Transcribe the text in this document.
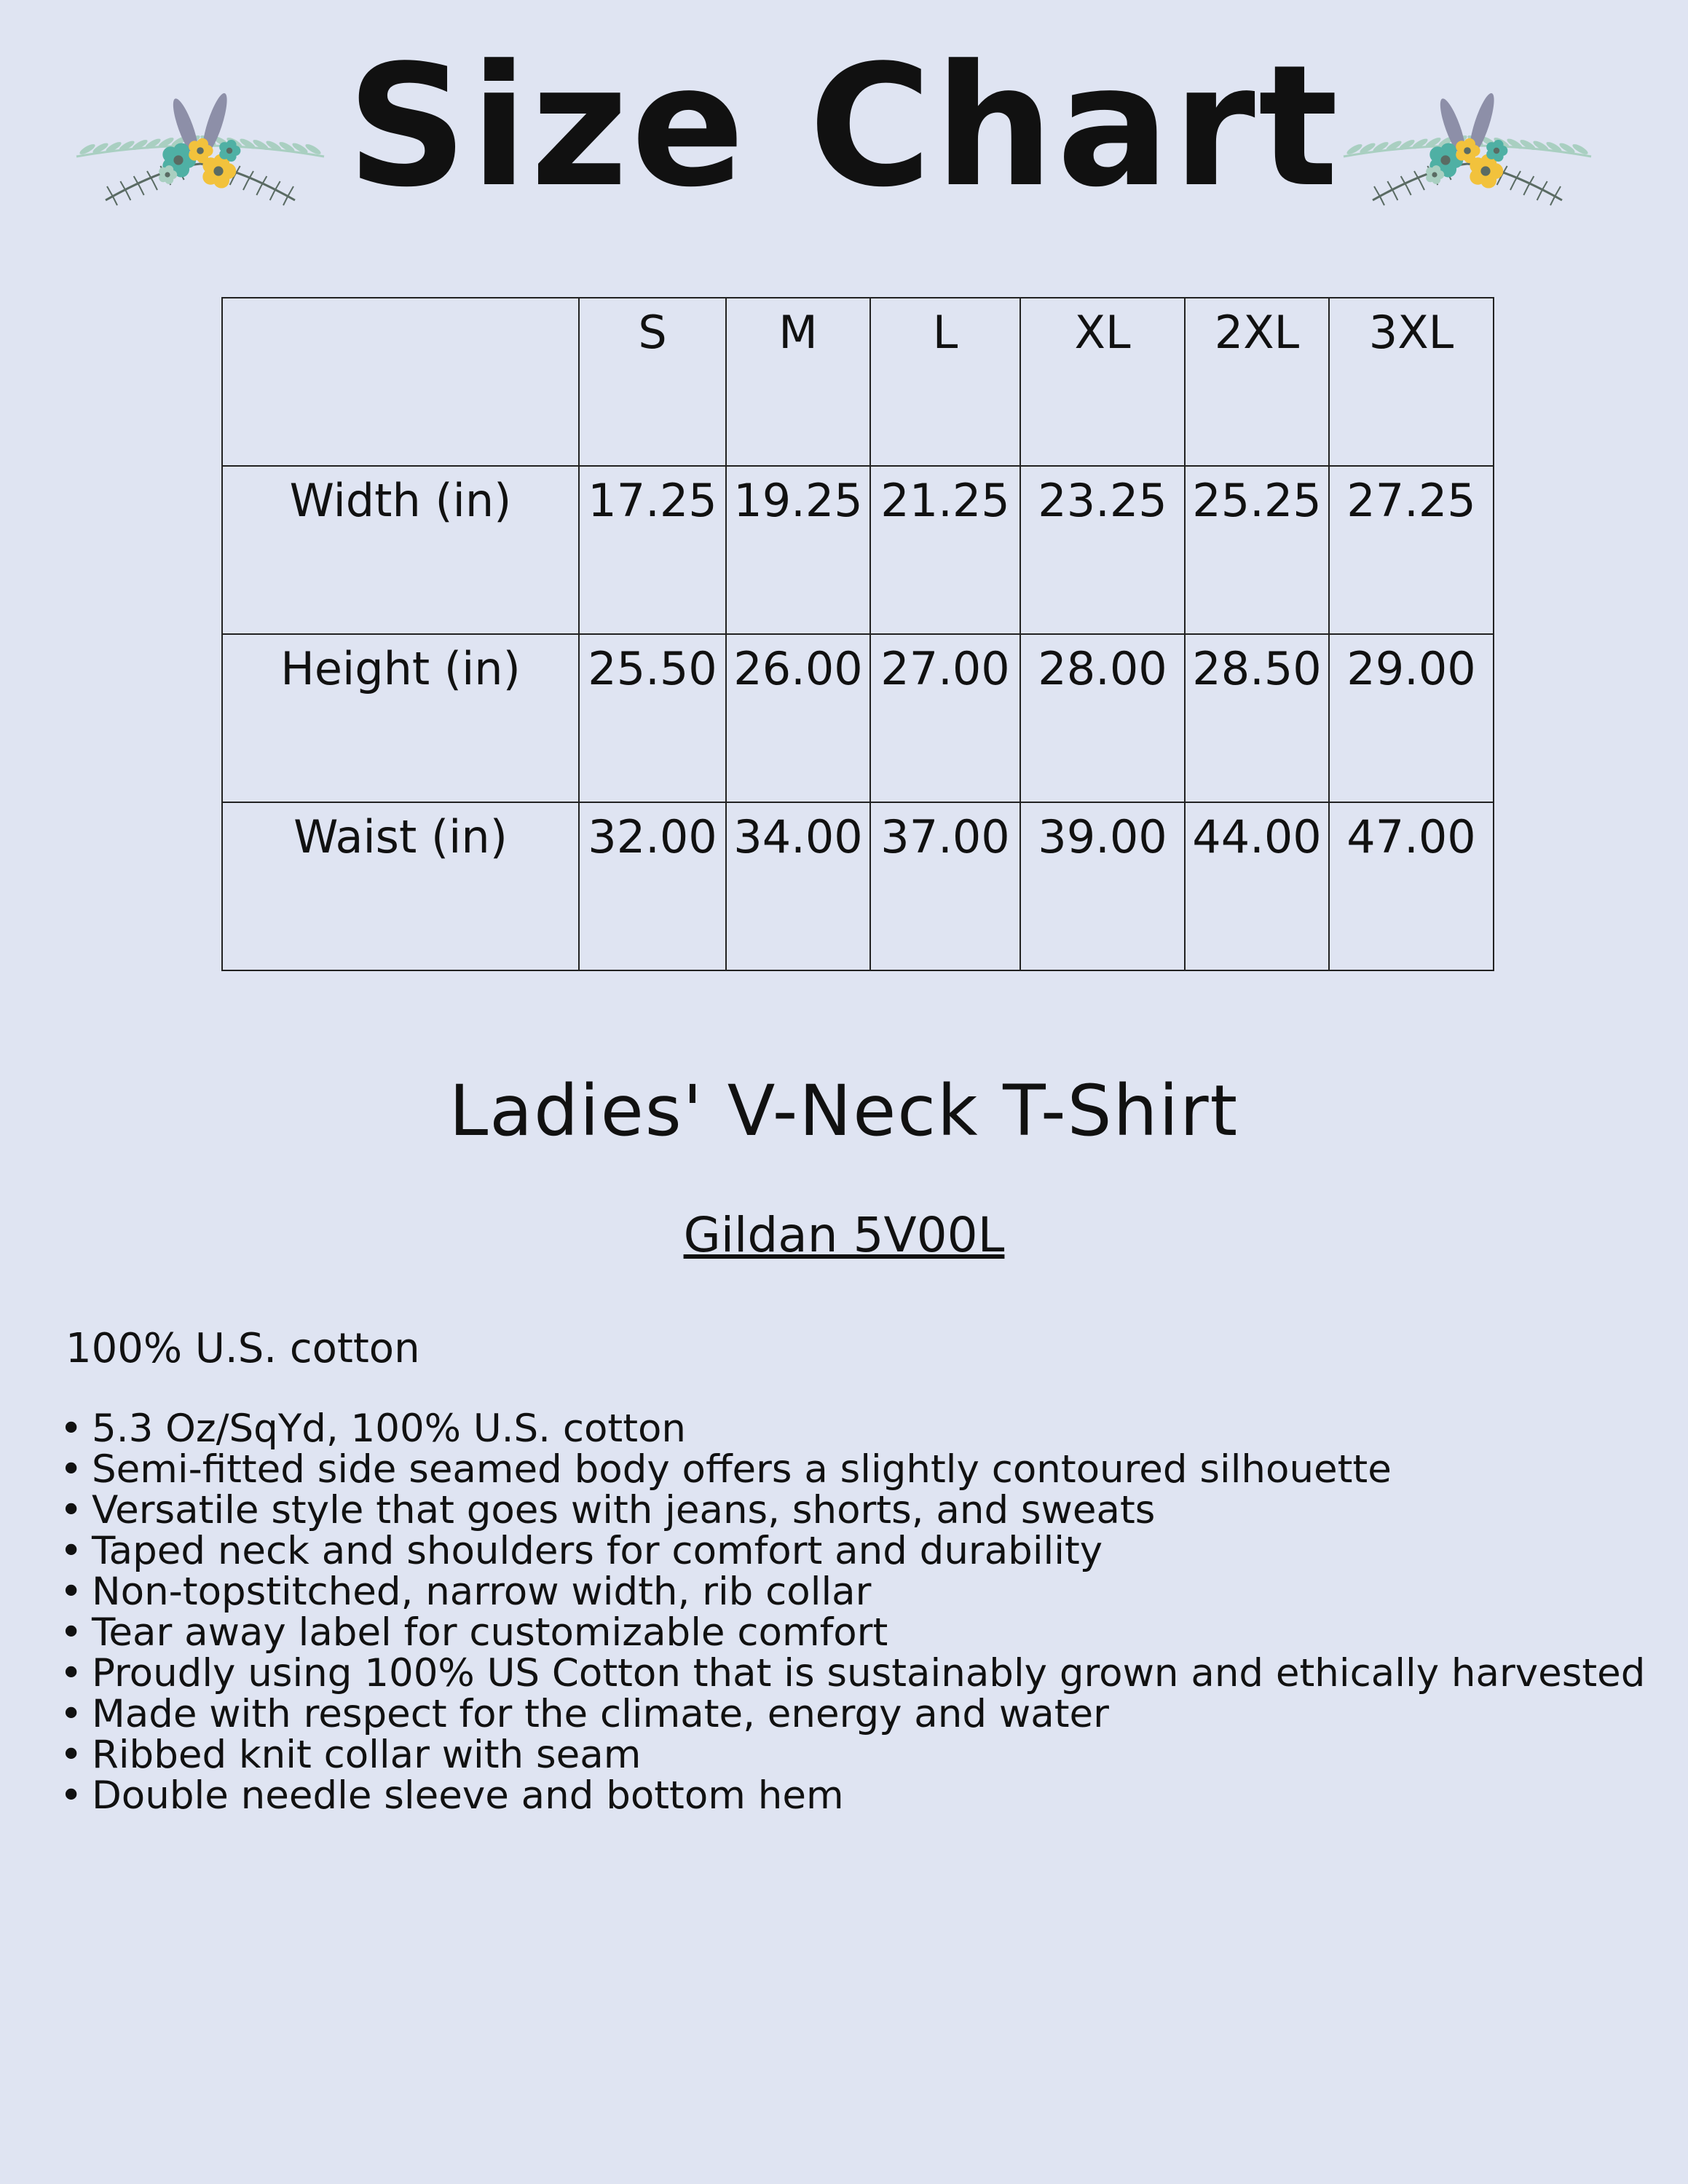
Size Chart
	S	M	L	XL	2XL	3XL
Width (in)	17.25	19.25	21.25	23.25	25.25	27.25
Height (in)	25.50	26.00	27.00	28.00	28.50	29.00
Waist (in)	32.00	34.00	37.00	39.00	44.00	47.00
Ladies' V-Neck T-Shirt

Gildan 5V00L

100% U.S. cotton

• 5.3 Oz/SqYd, 100% U.S. cotton
• Semi-fitted side seamed body offers a slightly contoured silhouette
• Versatile style that goes with jeans, shorts, and sweats
• Taped neck and shoulders for comfort and durability
• Non-topstitched, narrow width, rib collar
• Tear away label for customizable comfort
• Proudly using 100% US Cotton that is sustainably grown and ethically harvested
• Made with respect for the climate, energy and water
• Ribbed knit collar with seam
• Double needle sleeve and bottom hem
